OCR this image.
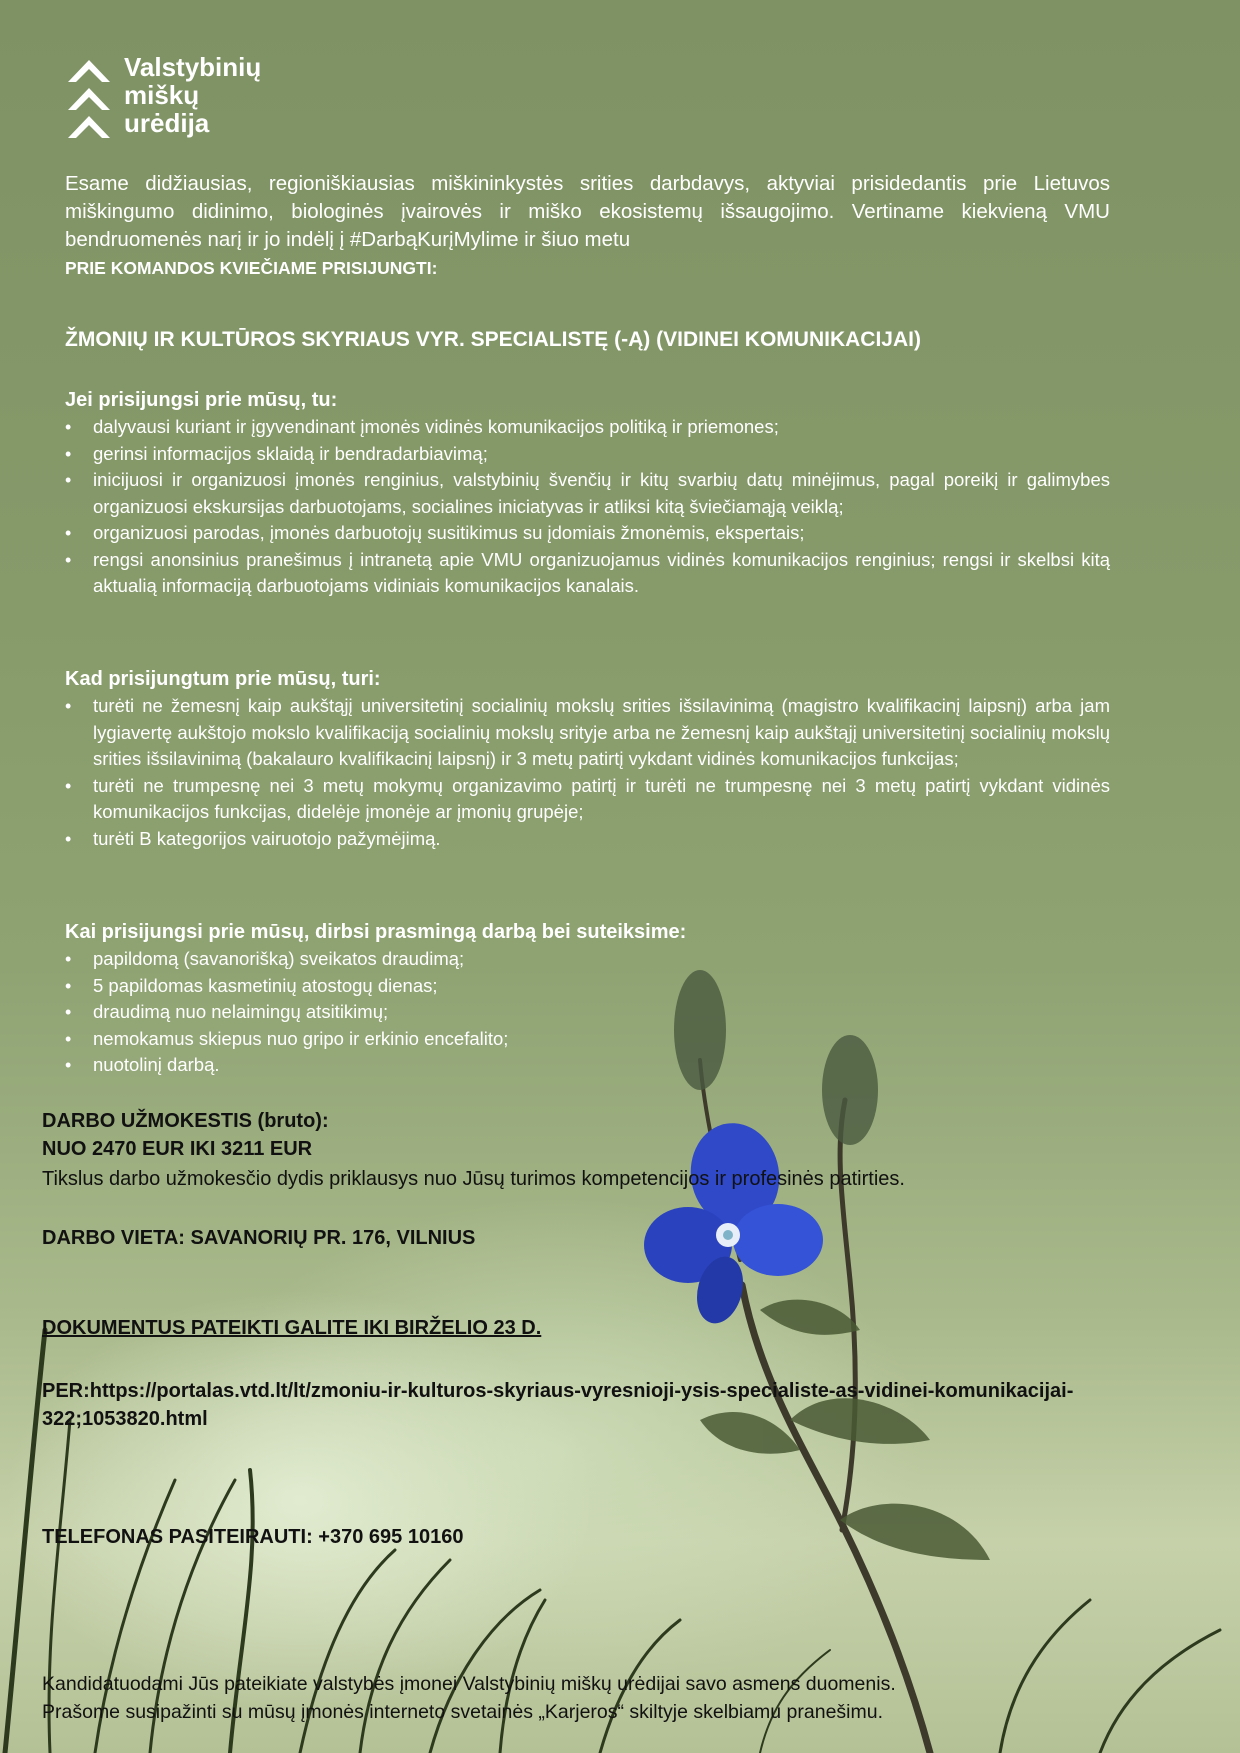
Valstybinių
miškų
urėdija
Esame didžiausias, regioniškiausias miškininkystės srities darbdavys, aktyviai prisidedantis prie Lietuvos miškingumo didinimo, biologinės įvairovės ir miško ekosistemų išsaugojimo. Vertiname kiekvieną VMU bendruomenės narį ir jo indėlį į #DarbąKurįMylime ir šiuo metu
PRIE KOMANDOS KVIEČIAME PRISIJUNGTI:
ŽMONIŲ IR KULTŪROS SKYRIAUS VYR. SPECIALISTĘ (-Ą) (VIDINEI KOMUNIKACIJAI)

Jei prisijungsi prie mūsų, tu:

• dalyvausi kuriant ir įgyvendinant įmonės vidinės komunikacijos politiką ir priemones;
• gerinsi informacijos sklaidą ir bendradarbiavimą;
• inicijuosi ir organizuosi įmonės renginius, valstybinių švenčių ir kitų svarbių datų minėjimus, pagal poreikį ir galimybes organizuosi ekskursijas darbuotojams, socialines iniciatyvas ir atliksi kitą šviečiamąją veiklą;
• organizuosi parodas, įmonės darbuotojų susitikimus su įdomiais žmonėmis, ekspertais;
• rengsi anonsinius pranešimus į intranetą apie VMU organizuojamus vidinės komunikacijos renginius; rengsi ir skelbsi kitą aktualią informaciją darbuotojams vidiniais komunikacijos kanalais.

Kad prisijungtum prie mūsų, turi:

• turėti ne žemesnį kaip aukštąjį universitetinį socialinių mokslų srities išsilavinimą (magistro kvalifikacinį laipsnį) arba jam lygiavertę aukštojo mokslo kvalifikaciją socialinių mokslų srityje arba ne žemesnį kaip aukštąjį universitetinį socialinių mokslų srities išsilavinimą (bakalauro kvalifikacinį laipsnį) ir 3 metų patirtį vykdant vidinės komunikacijos funkcijas;
• turėti ne trumpesnę nei 3 metų mokymų organizavimo patirtį ir turėti ne trumpesnę nei 3 metų patirtį vykdant vidinės komunikacijos funkcijas, didelėje įmonėje ar įmonių grupėje;
• turėti B kategorijos vairuotojo pažymėjimą.

Kai prisijungsi prie mūsų, dirbsi prasmingą darbą bei suteiksime:

• papildomą (savanorišką) sveikatos draudimą;
• 5 papildomas kasmetinių atostogų dienas;
• draudimą nuo nelaimingų atsitikimų;
• nemokamus skiepus nuo gripo ir erkinio encefalito;
• nuotolinį darbą.
DARBO UŽMOKESTIS (bruto):
NUO 2470 EUR IKI 3211 EUR
Tikslus darbo užmokesčio dydis priklausys nuo Jūsų turimos kompetencijos ir profesinės patirties.
DARBO VIETA: SAVANORIŲ PR. 176, VILNIUS
DOKUMENTUS PATEIKTI GALITE IKI BIRŽELIO 23 D.
PER:https://portalas.vtd.lt/lt/zmoniu-ir-kulturos-skyriaus-vyresnioji-ysis-specialiste-as-vidinei-komunikacijai-322;1053820.html
TELEFONAS PASITEIRAUTI: +370 695 10160
Kandidatuodami Jūs pateikiate valstybės įmonei Valstybinių miškų urėdijai savo asmens duomenis.
Prašome susipažinti su mūsų įmonės interneto svetainės „Karjeros“ skiltyje skelbiamu pranešimu.
